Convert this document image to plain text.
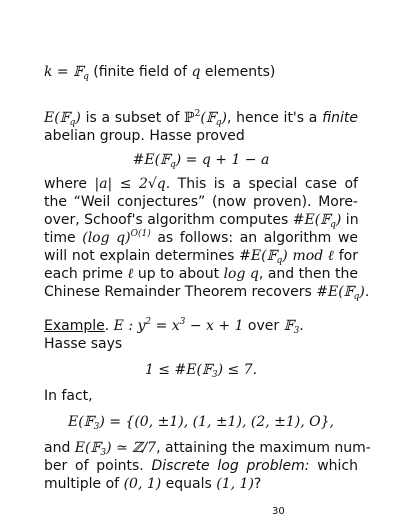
k = 𝔽$_q$ (finite field of q elements)
E(𝔽$_q$) is a subset of ℙ$^2$(𝔽$_q$), hence it's a finite
abelian group. Hasse proved
#E(𝔽$_q$) = q + 1 − a
where |a| ≤ 2√q. This is a special case of
the “Weil conjectures” (now proven). More-
over, Schoof's algorithm computes #E(𝔽$_q$) in
time (log q)$^{O(1)}$ as follows: an algorithm we
will not explain determines #E(𝔽$_q$) mod ℓ for
each prime ℓ up to about log q, and then the
Chinese Remainder Theorem recovers #E(𝔽$_q$).
Example. E : $y^2 = x^3 - x + 1$ over 𝔽$_3$.
Hasse says
1 ≤ #E(𝔽$_3$) ≤ 7.
In fact,
E(𝔽$_3$) = {(0, ±1), (1, ±1), (2, ±1), O},
and E(𝔽$_3$) ≃ ℤ/7, attaining the maximum num-
ber of points. Discrete log problem: which
multiple of (0, 1) equals (1, 1)?
30
